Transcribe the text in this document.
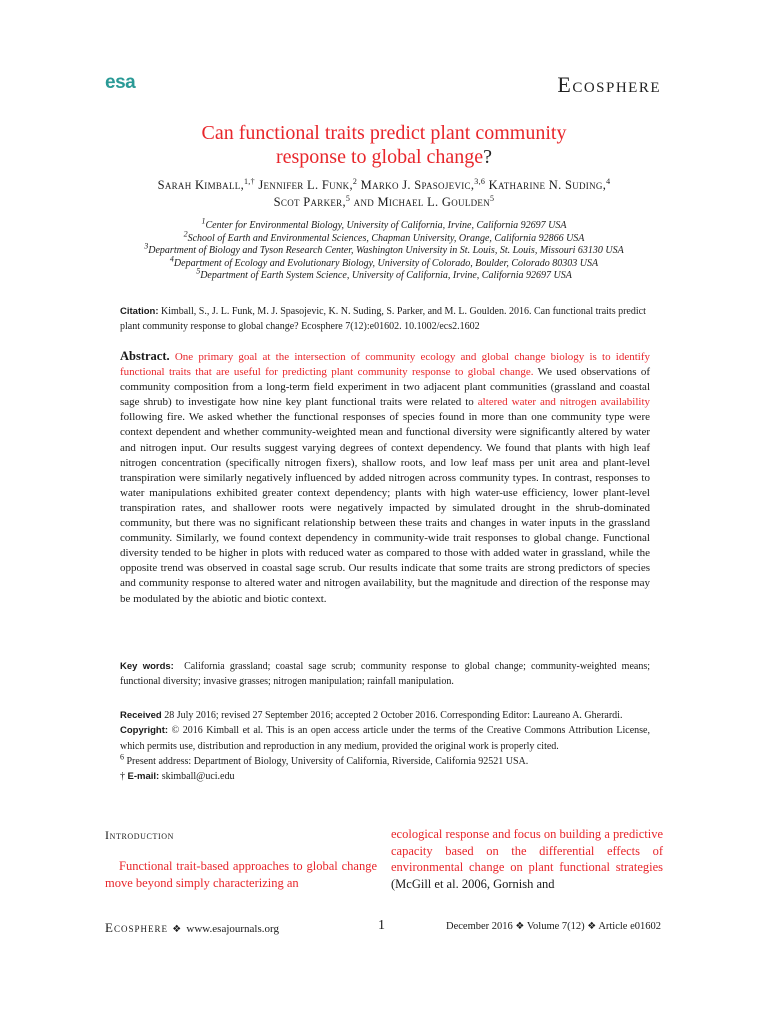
esa	Ecosphere
Can functional traits predict plant community
response to global change?
Sarah Kimball,$^{1,\dagger}$ Jennifer L. Funk,$^2$ Marko J. Spasojevic,$^{3,6}$ Katharine N. Suding,$^4$
Scot Parker,$^5$ and Michael L. Goulden$^5$
$^1$Center for Environmental Biology, University of California, Irvine, California 92697 USA
$^2$School of Earth and Environmental Sciences, Chapman University, Orange, California 92866 USA
$^3$Department of Biology and Tyson Research Center, Washington University in St. Louis, St. Louis, Missouri 63130 USA
$^4$Department of Ecology and Evolutionary Biology, University of Colorado, Boulder, Colorado 80303 USA
$^5$Department of Earth System Science, University of California, Irvine, California 92697 USA
Citation: Kimball, S., J. L. Funk, M. J. Spasojevic, K. N. Suding, S. Parker, and M. L. Goulden. 2016. Can functional traits predict plant community response to global change? Ecosphere 7(12):e01602. 10.1002/ecs2.1602
Abstract. One primary goal at the intersection of community ecology and global change biology is to identify functional traits that are useful for predicting plant community response to global change. We used observations of community composition from a long-term field experiment in two adjacent plant communities (grassland and coastal sage shrub) to investigate how nine key plant functional traits were related to altered water and nitrogen availability following fire. We asked whether the functional responses of species found in more than one community type were context dependent and whether community-weighted mean and functional diversity were significantly altered by water and nitrogen input. Our results suggest varying degrees of context dependency. We found that plants with high leaf nitrogen concentration (specifically nitrogen fixers), shallow roots, and low leaf mass per unit area and plant-level transpiration were similarly negatively influenced by added nitrogen across community types. In contrast, responses to water manipulations exhibited greater context dependency; plants with high water-use efficiency, lower plant-level transpiration rates, and shallower roots were negatively impacted by simulated drought in the shrub-dominated community, but there was no significant relationship between these traits and changes in water inputs in the grassland community. Similarly, we found context dependency in community-wide trait responses to global change. Functional diversity tended to be higher in plots with reduced water as compared to those with added water in grassland, while the opposite trend was observed in coastal sage scrub. Our results indicate that some traits are strong predictors of species and community response to altered water and nitrogen availability, but the magnitude and direction of the response may be modulated by the abiotic and biotic context.
Key words: California grassland; coastal sage scrub; community response to global change; community-weighted means; functional diversity; invasive grasses; nitrogen manipulation; rainfall manipulation.

Received 28 July 2016; revised 27 September 2016; accepted 2 October 2016. Corresponding Editor: Laureano A. Gherardi.

Copyright: © 2016 Kimball et al. This is an open access article under the terms of the Creative Commons Attribution License, which permits use, distribution and reproduction in any medium, provided the original work is properly cited.

$^6$ Present address: Department of Biology, University of California, Riverside, California 92521 USA.

† E-mail: skimball@uci.edu

Introduction
Functional trait-based approaches to global change move beyond simply characterizing an
ecological response and focus on building a predictive capacity based on the differential effects of environmental change on plant functional strategies (McGill et al. 2006, Gornish and
Ecosphere ❖ www.esajournals.org	1	December 2016 ❖ Volume 7(12) ❖ Article e01602
